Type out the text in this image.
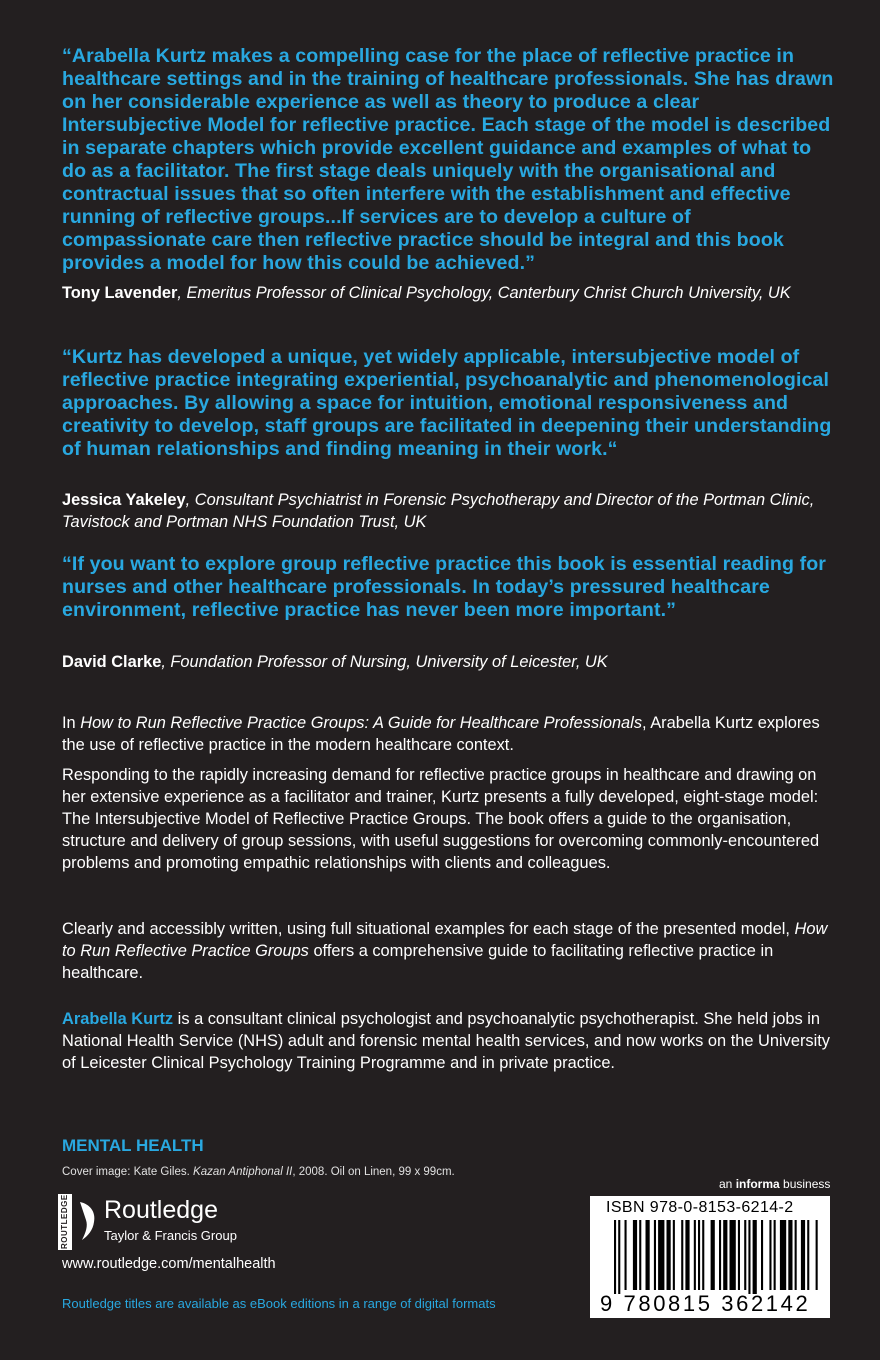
“Arabella Kurtz makes a compelling case for the place of reflective practice in healthcare settings and in the training of healthcare professionals. She has drawn on her considerable experience as well as theory to produce a clear Intersubjective Model for reflective practice. Each stage of the model is described in separate chapters which provide excellent guidance and examples of what to do as a facilitator. The first stage deals uniquely with the organisational and contractual issues that so often interfere with the establishment and effective running of reflective groups...If services are to develop a culture of compassionate care then reflective practice should be integral and this book provides a model for how this could be achieved.”
Tony Lavender, Emeritus Professor of Clinical Psychology, Canterbury Christ Church University, UK
“Kurtz has developed a unique, yet widely applicable, intersubjective model of reflective practice integrating experiential, psychoanalytic and phenomenological approaches. By allowing a space for intuition, emotional responsiveness and creativity to develop, staff groups are facilitated in deepening their understanding of human relationships and finding meaning in their work.“
Jessica Yakeley, Consultant Psychiatrist in Forensic Psychotherapy and Director of the Portman Clinic, Tavistock and Portman NHS Foundation Trust, UK
“If you want to explore group reflective practice this book is essential reading for nurses and other healthcare professionals. In today’s pressured healthcare environment, reflective practice has never been more important.”
David Clarke, Foundation Professor of Nursing, University of Leicester, UK
In How to Run Reflective Practice Groups: A Guide for Healthcare Professionals, Arabella Kurtz explores the use of reflective practice in the modern healthcare context.
Responding to the rapidly increasing demand for reflective practice groups in healthcare and drawing on her extensive experience as a facilitator and trainer, Kurtz presents a fully developed, eight-stage model: The Intersubjective Model of Reflective Practice Groups. The book offers a guide to the organisation, structure and delivery of group sessions, with useful suggestions for overcoming commonly-encountered problems and promoting empathic relationships with clients and colleagues.
Clearly and accessibly written, using full situational examples for each stage of the presented model, How to Run Reflective Practice Groups offers a comprehensive guide to facilitating reflective practice in healthcare.
Arabella Kurtz is a consultant clinical psychologist and psychoanalytic psychotherapist. She held jobs in National Health Service (NHS) adult and forensic mental health services, and now works on the University of Leicester Clinical Psychology Training Programme and in private practice.
MENTAL HEALTH
Cover image: Kate Giles. Kazan Antiphonal II, 2008. Oil on Linen, 99 x 99cm.
ROUTLEDGE Routledge
Taylor & Francis Group
www.routledge.com/mentalhealth
Routledge titles are available as eBook editions in a range of digital formats
an informa business
ISBN 978-0-8153-6214-2
9 780815 362142
